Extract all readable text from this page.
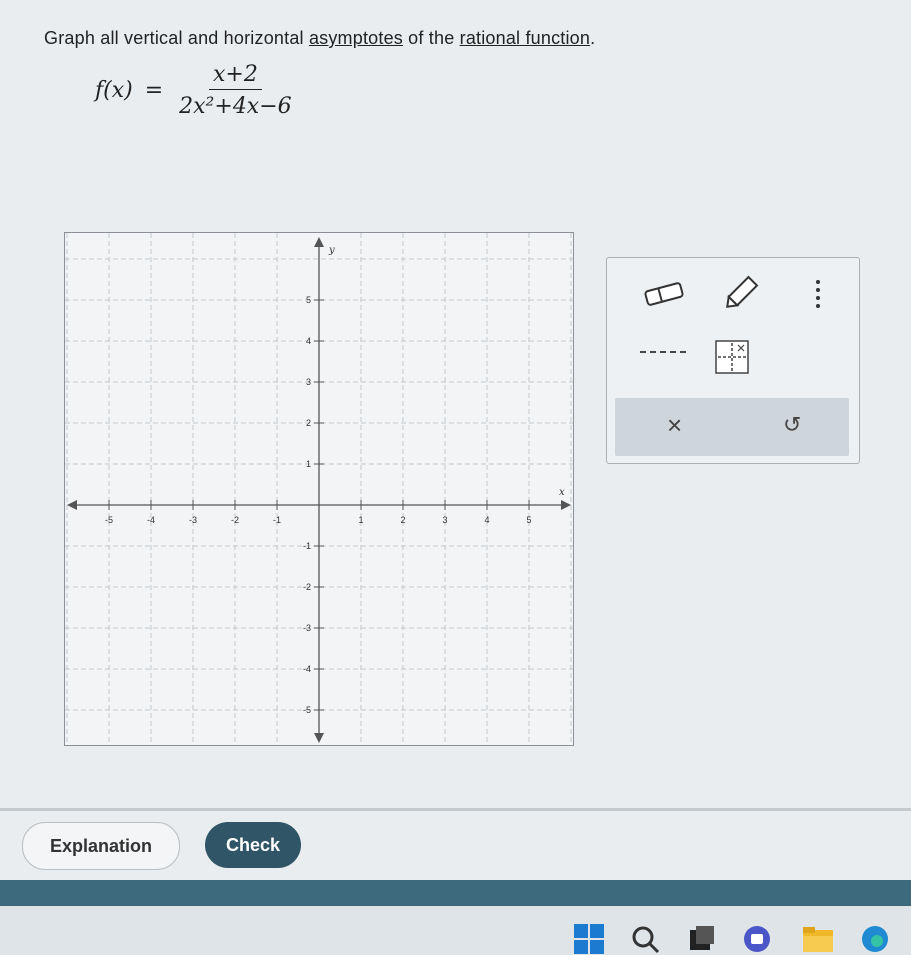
Graph all vertical and horizontal asymptotes of the rational function.
$f(x) = \frac{x+2}{\text{2x²+4x−6}}$
x
y
-5	-4	-3	-2	-1	1	2	3	4	5
5
4
3
2
1
-1
-2
-3
-4
-5
×	↺
Explanation	Check
